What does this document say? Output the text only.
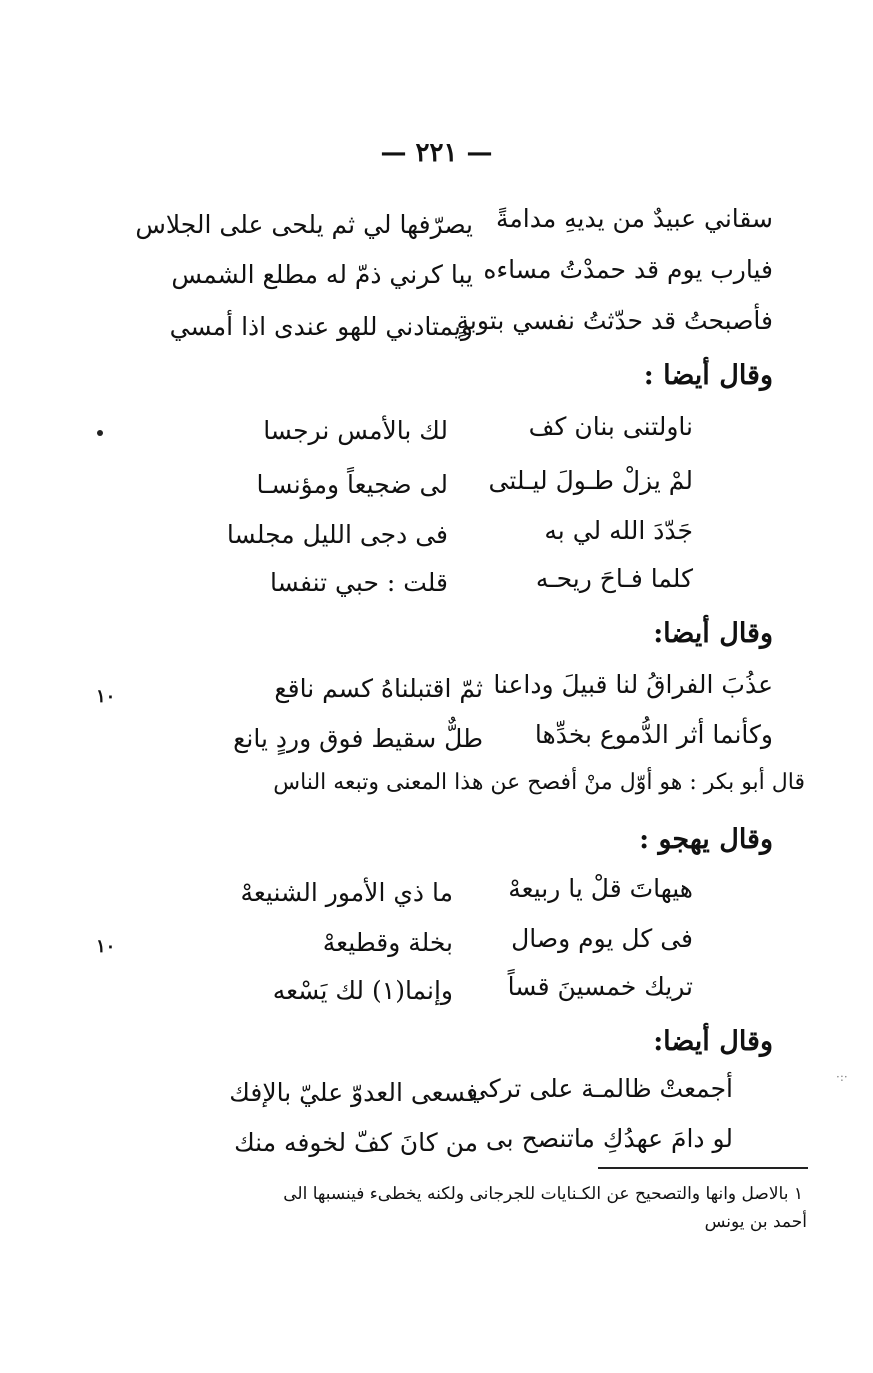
— ٢٢١ —
سقاني عبيدٌ من يديهِ مدامةً
يصرّفها لي ثم يلحى على الجلاس
فيارب يوم قد حمدْتُ مساءه
يبا كرني ذمّ له مطلع الشمس
فأصبحتُ قد حدّثتُ نفسي بتوبةٍ
ويمتادني للهو عندى اذا أمسي
وقال أيضا :
ناولتنى بنان كف
لك بالأمس نرجسا
لمْ يزلْ طـولَ ليـلتى
لى ضجيعاً ومؤنسـا
جَدّدَ الله لي به
فى دجى الليل مجلسا
كلما فـاحَ ريحـه
قلت : حبي تنفسا
وقال أيضا:
١٠	عذُبَ الفراقُ لنا قبيلَ وداعنا
ثمّ اقتبلناهُ كسم ناقع
وكأنما أثر الدُّموع بخدِّها
طلٌّ سقيط فوق وردٍ يانع
قال أبو بكر : هو أوّل منْ أفصح عن هذا المعنى وتبعه الناس
وقال يهجو :
هيهاتَ قلْ يا ربيعهْ
ما ذي الأمور الشنيعهْ
١٠	فى كل يوم وصال
بخلة وقطيعهْ
تريك خمسينَ قساً
وإنما(١) لك يَسْعه
وقال أيضا:
·:·
أجمعتْ ظالمـة على تركي
فسعى العدوّ عليّ بالإفك
لو دامَ عهدُكِ ماتنصح بى
من كانَ كفّ لخوفه منك
١ بالاصل وانها والتصحيح عن الكـنايات للجرجانى ولكنه يخطىء فينسبها الى
أحمد بن يونس
